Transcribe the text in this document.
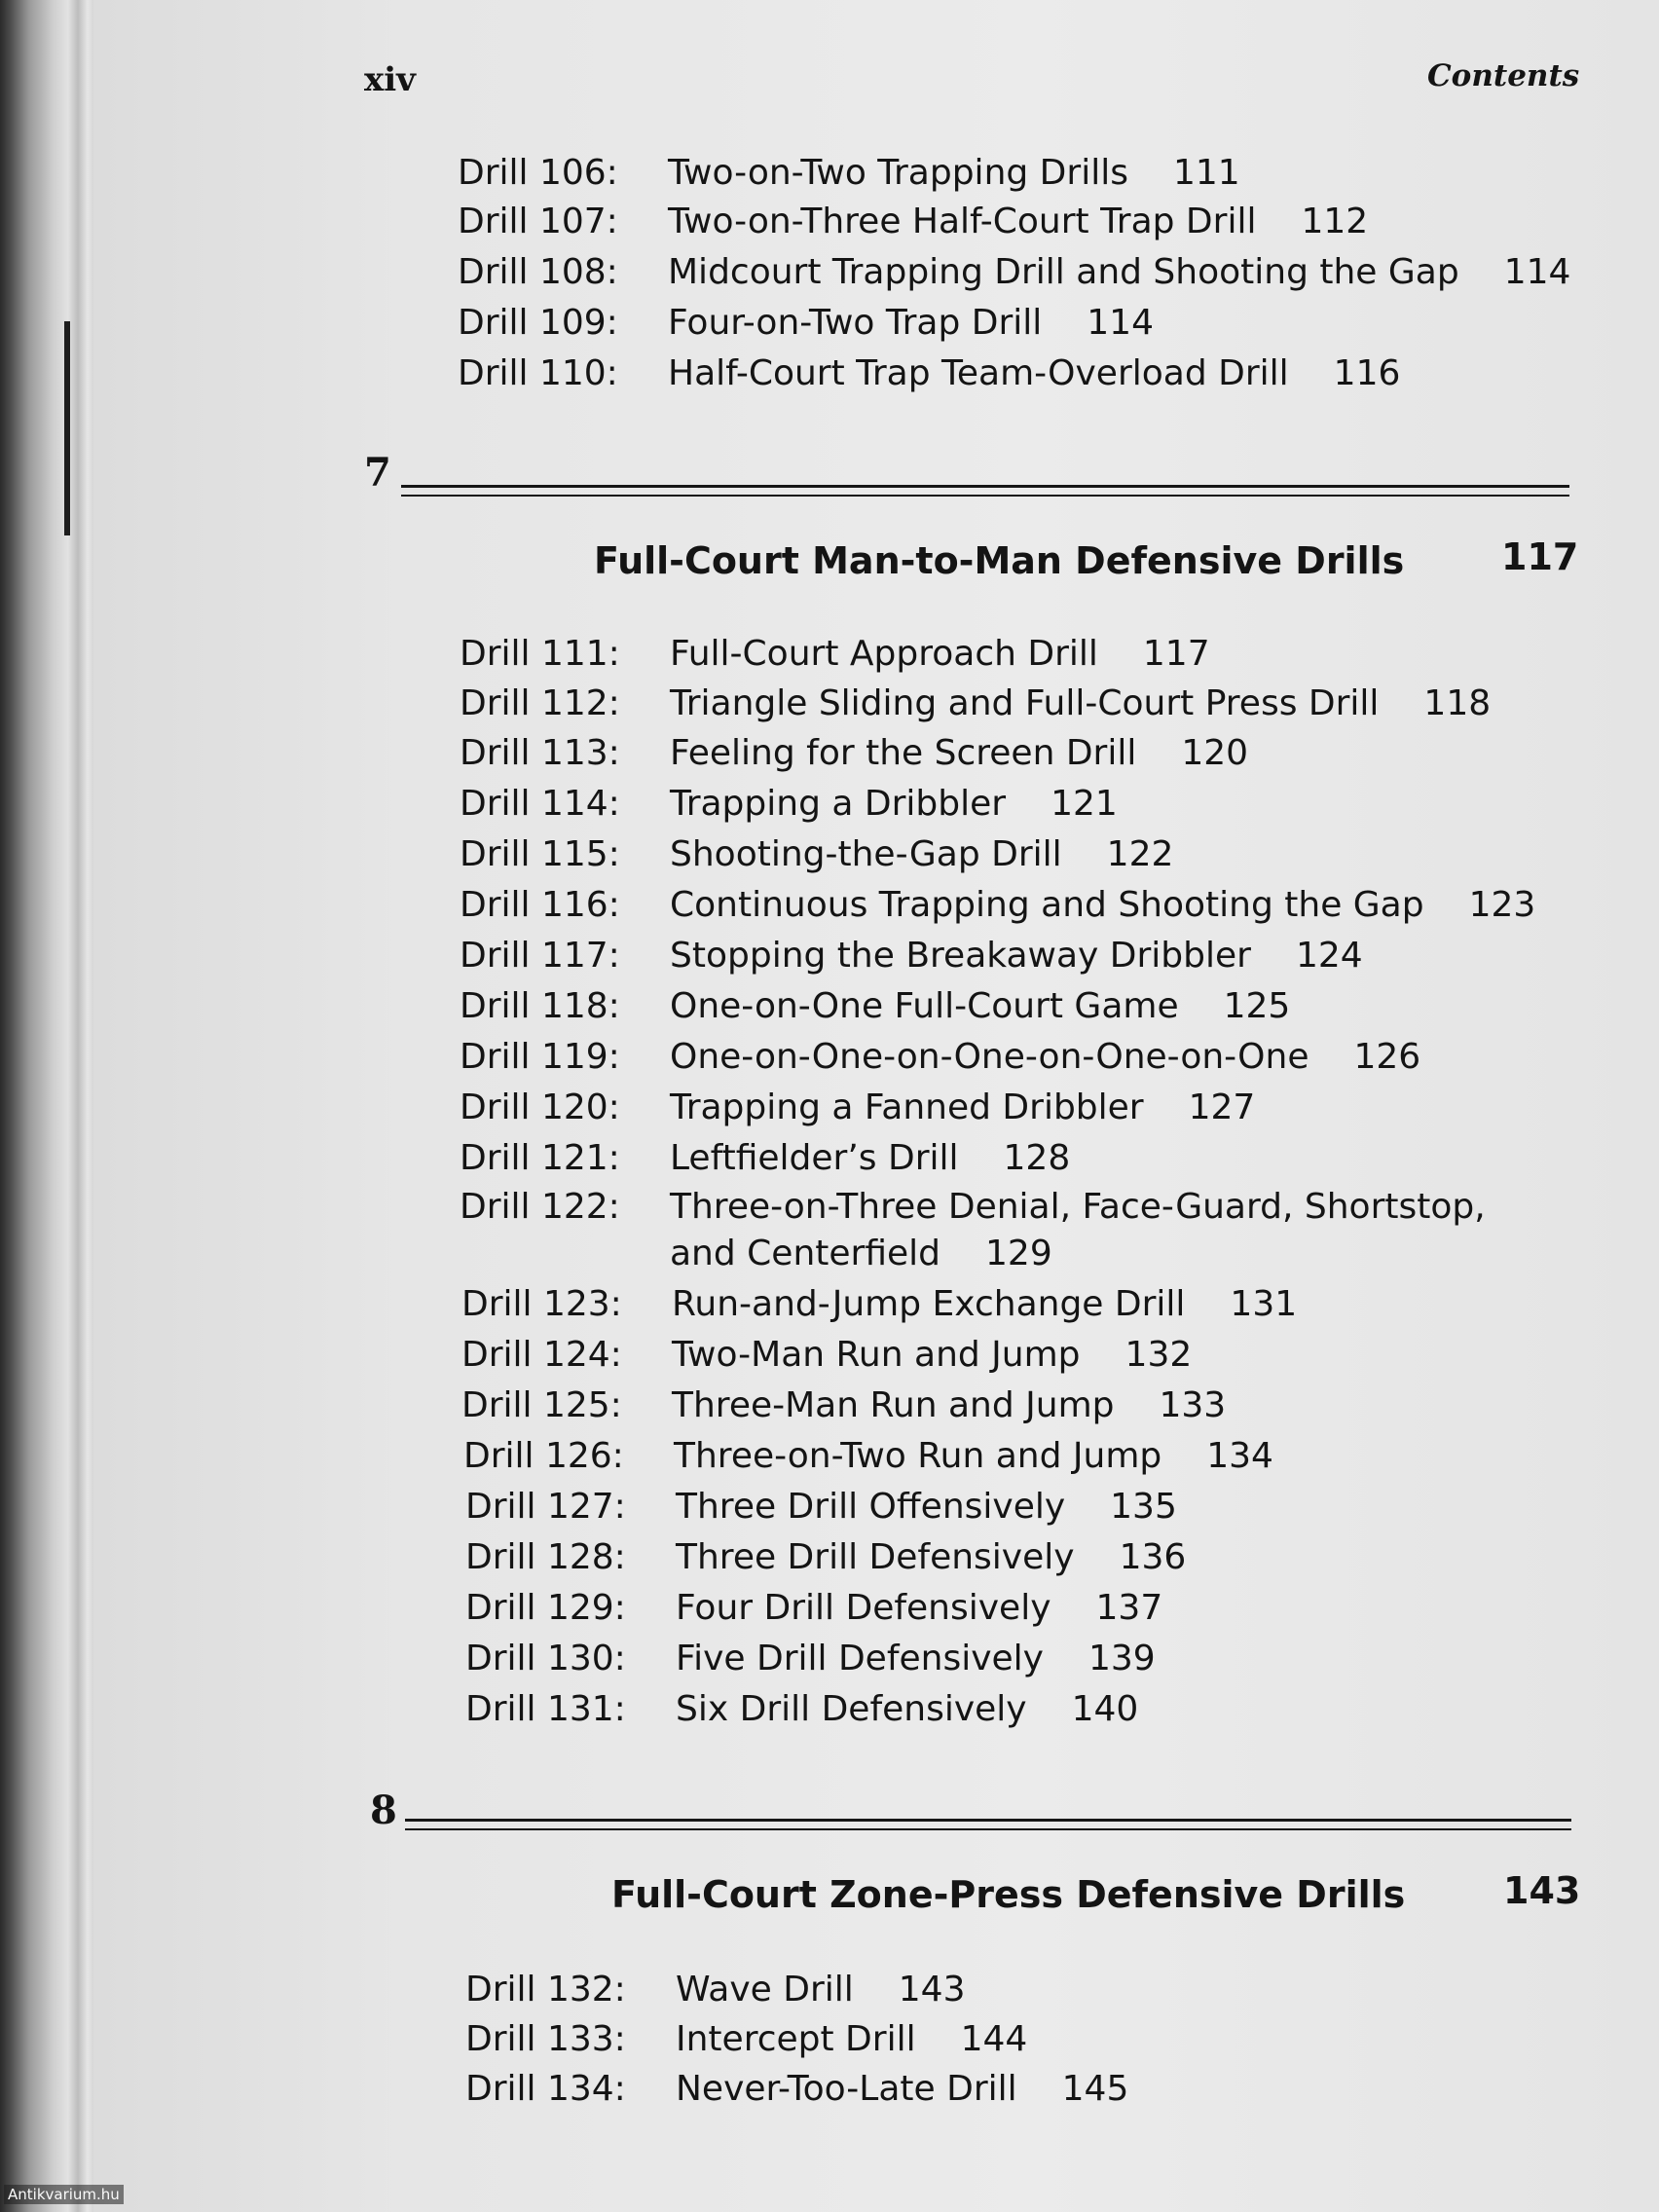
xiv	Contents
Drill 106: Two-on-Two Trapping Drills 111
Drill 107: Two-on-Three Half-Court Trap Drill 112
Drill 108: Midcourt Trapping Drill and Shooting the Gap 114
Drill 109: Four-on-Two Trap Drill 114
Drill 110: Half-Court Trap Team-Overload Drill 116
7
Full-Court Man-to-Man Defensive Drills	117
Drill 111: Full-Court Approach Drill 117
Drill 112: Triangle Sliding and Full-Court Press Drill 118
Drill 113: Feeling for the Screen Drill 120
Drill 114: Trapping a Dribbler 121
Drill 115: Shooting-the-Gap Drill 122
Drill 116: Continuous Trapping and Shooting the Gap 123
Drill 117: Stopping the Breakaway Dribbler 124
Drill 118: One-on-One Full-Court Game 125
Drill 119: One-on-One-on-One-on-One-on-One 126
Drill 120: Trapping a Fanned Dribbler 127
Drill 121: Leftfielder’s Drill 128
Drill 122: Three-on-Three Denial, Face-Guard, Shortstop,
and Centerfield 129
Drill 123: Run-and-Jump Exchange Drill 131
Drill 124: Two-Man Run and Jump 132
Drill 125: Three-Man Run and Jump 133
Drill 126: Three-on-Two Run and Jump 134
Drill 127: Three Drill Offensively 135
Drill 128: Three Drill Defensively 136
Drill 129: Four Drill Defensively 137
Drill 130: Five Drill Defensively 139
Drill 131: Six Drill Defensively 140
8
Full-Court Zone-Press Defensive Drills	143
Drill 132: Wave Drill 143
Drill 133: Intercept Drill 144
Drill 134: Never-Too-Late Drill 145
Antikvarium.hu
